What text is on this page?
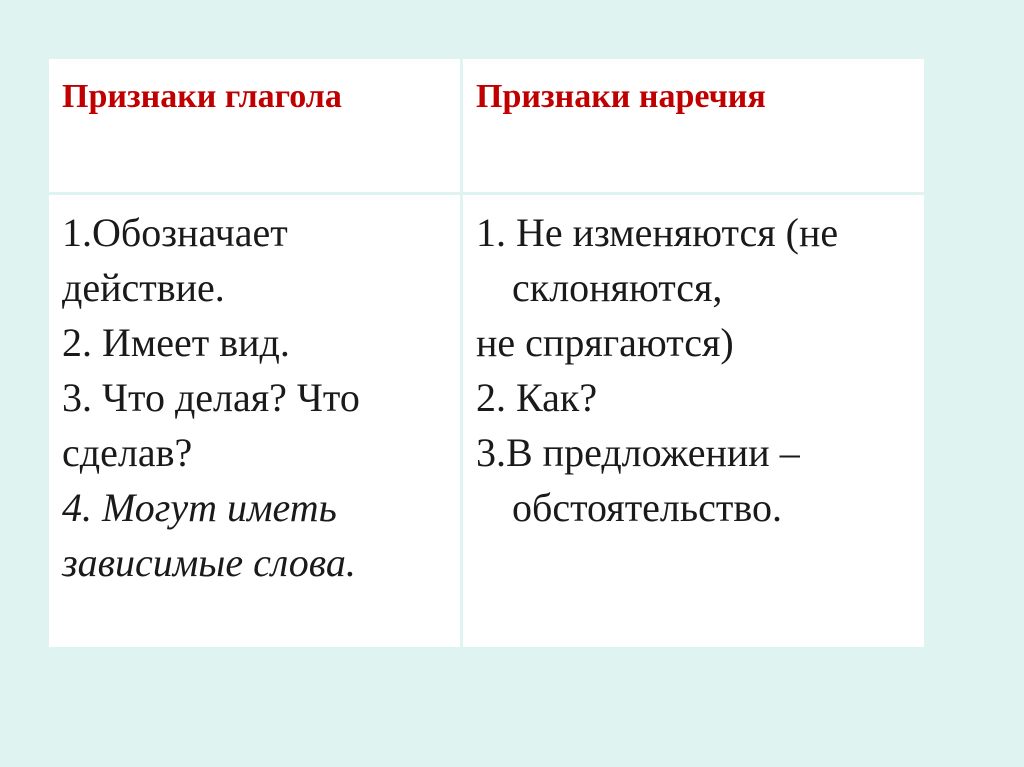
Признаки глагола	Признаки наречия
1.Обозначает
действие.
2. Имеет вид.
3. Что делая? Что
сделав?
4. Могут иметь
зависимые слова.
1. Не изменяются (не
склоняются,
не спрягаются)
2. Как?
3.В предложении –
обстоятельство.
